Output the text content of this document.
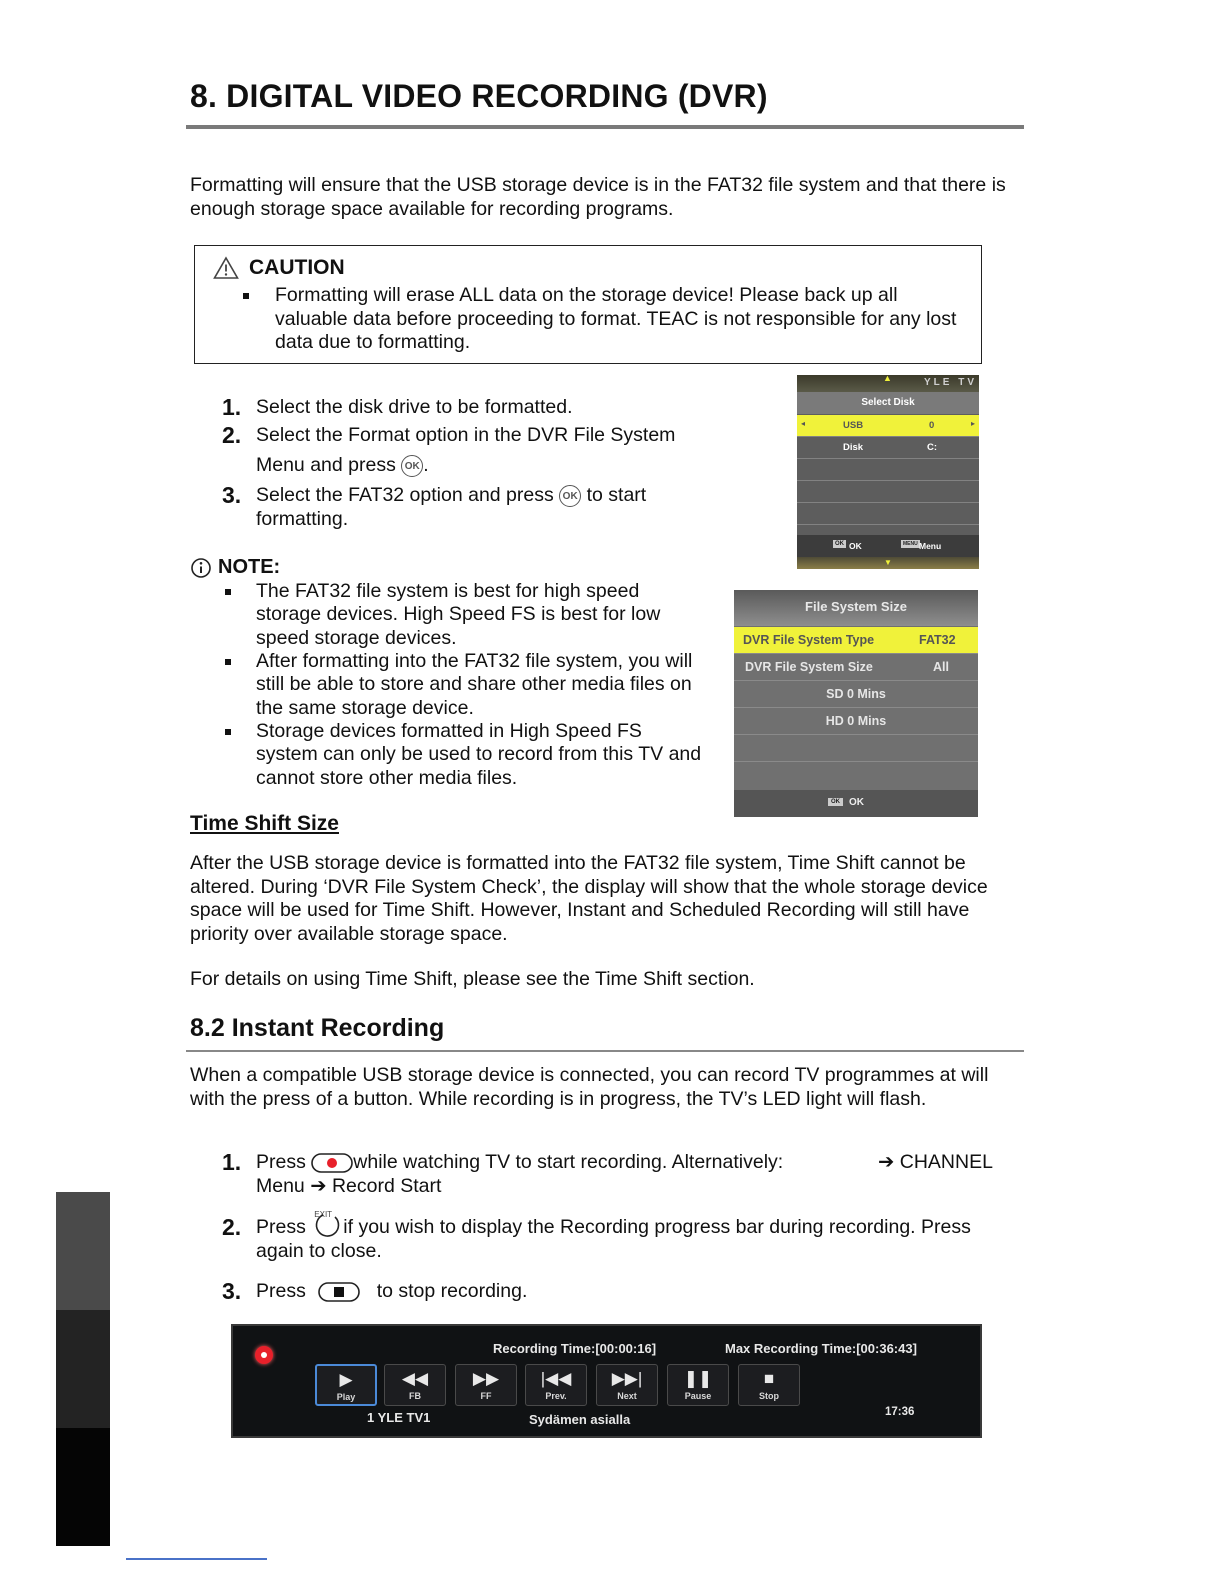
8. DIGITAL VIDEO RECORDING (DVR)

Formatting will ensure that the USB storage device is in the FAT32 file system and that there is enough storage space available for recording programs.

CAUTION
Formatting will erase ALL data on the storage device! Please back up all valuable data before proceeding to format. TEAC is not responsible for any lost data due to formatting.
1. Select the disk drive to be formatted.
2. Select the Format option in the DVR File System
Menu and press OK .
3. Select the FAT32 option and press OK to start
formatting.
▲	YLE TV
Select Disk
◂	USB	0	▸
Disk	C:
OK OK	MENU Menu
▼
NOTE:
The FAT32 file system is best for high speed storage devices. High Speed FS is best for low speed storage devices.
After formatting into the FAT32 file system, you will still be able to store and share other media files on the same storage device.
Storage devices formatted in High Speed FS system can only be used to record from this TV and cannot store other media files.
File System Size
DVR File System Type	FAT32
DVR File System Size	All
SD 0 Mins
HD 0 Mins
OK OK
Time Shift Size

After the USB storage device is formatted into the FAT32 file system, Time Shift cannot be altered. During ‘DVR File System Check’, the display will show that the whole storage device space will be used for Time Shift. However, Instant and Scheduled Recording will still have priority over available storage space.

For details on using Time Shift, please see the Time Shift section.

8.2 Instant Recording

When a compatible USB storage device is connected, you can record TV programmes at will with the press of a button. While recording is in progress, the TV’s LED light will flash.

1. Press while watching TV to start recording. Alternatively:	➔ CHANNEL
Menu ➔ Record Start
2. Press
EXIT
if you wish to display the Recording progress bar during recording. Press
again to close.
3. Press	to stop recording.
Recording Time:[00:00:16]	Max Recording Time:[00:36:43]
▶
Play
◀◀
FB
▶▶
FF
|◀◀
Prev.
▶▶|
Next
❚❚
Pause
■
Stop
1 YLE TV1	Sydämen asialla	17:36
